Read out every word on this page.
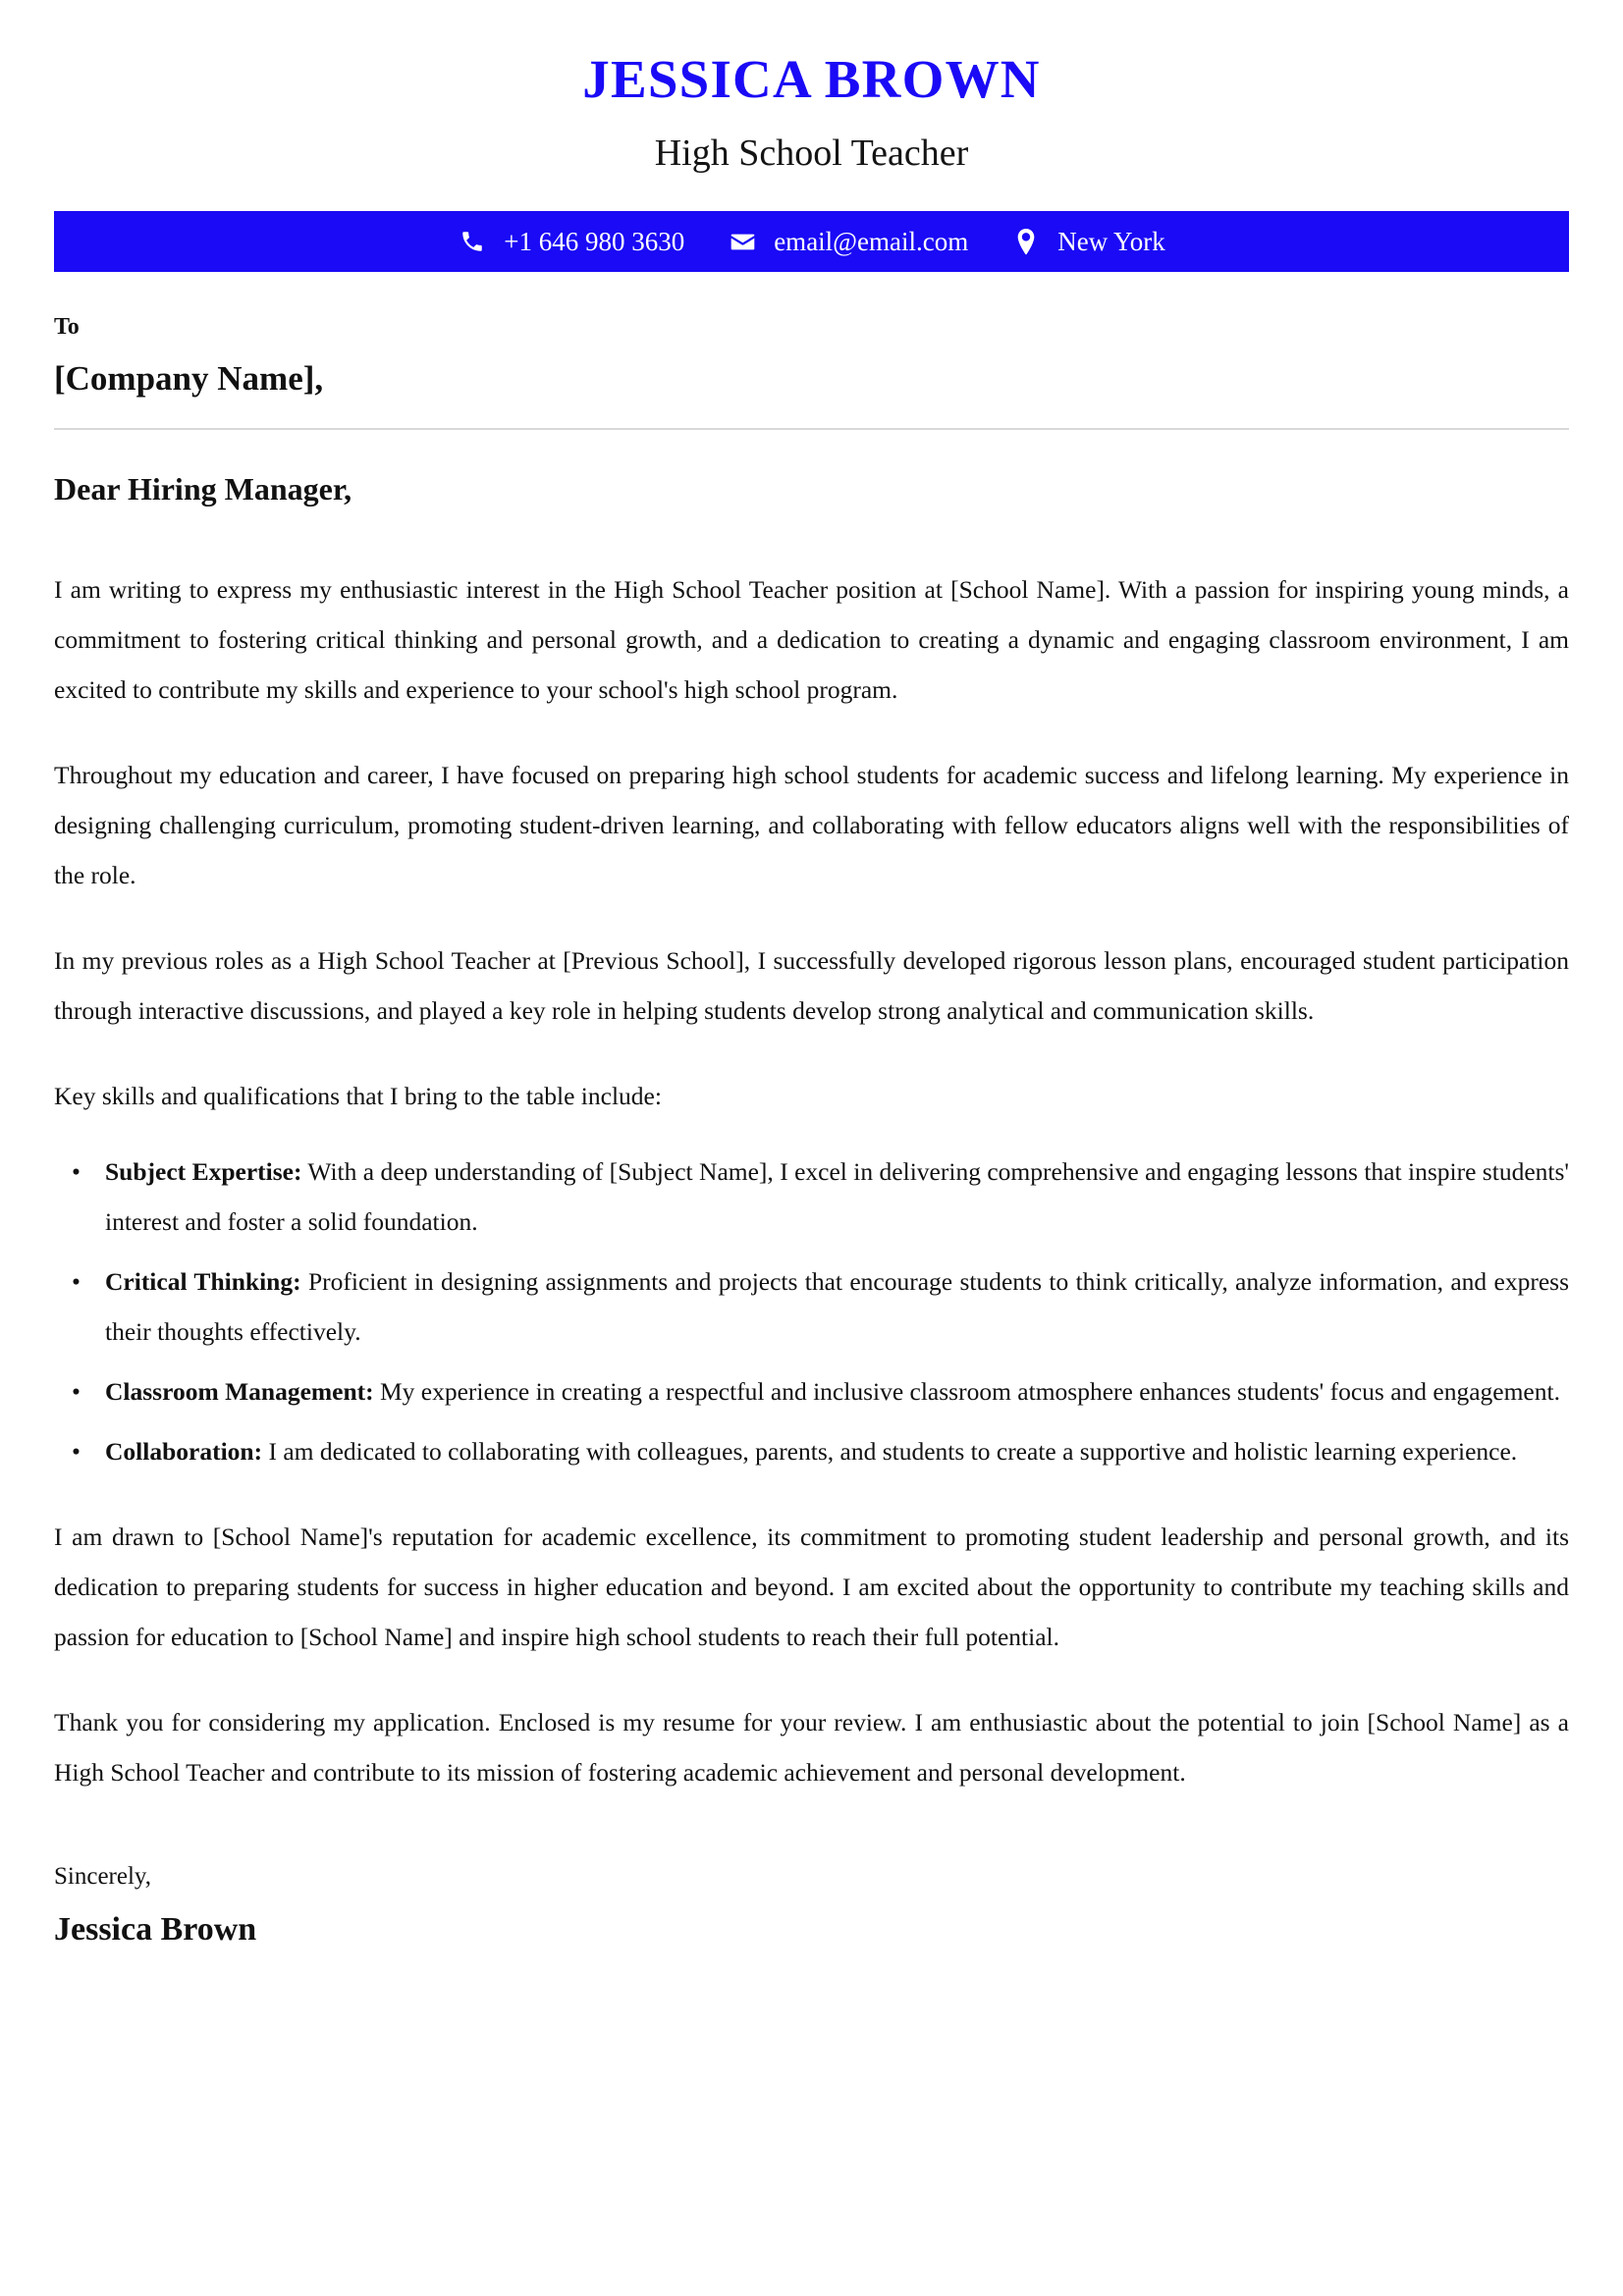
JESSICA BROWN
High School Teacher
+1 646 980 3630	email@email.com	New York

To

[Company Name],

Dear Hiring Manager,

I am writing to express my enthusiastic interest in the High School Teacher position at [School Name]. With a passion for inspiring young minds, a commitment to fostering critical thinking and personal growth, and a dedication to creating a dynamic and engaging classroom environment, I am excited to contribute my skills and experience to your school's high school program.

Throughout my education and career, I have focused on preparing high school students for academic success and lifelong learning. My experience in designing challenging curriculum, promoting student-driven learning, and collaborating with fellow educators aligns well with the responsibilities of the role.

In my previous roles as a High School Teacher at [Previous School], I successfully developed rigorous lesson plans, encouraged student participation through interactive discussions, and played a key role in helping students develop strong analytical and communication skills.

Key skills and qualifications that I bring to the table include:

• Subject Expertise: With a deep understanding of [Subject Name], I excel in delivering comprehensive and engaging lessons that inspire students' interest and foster a solid foundation.
• Critical Thinking: Proficient in designing assignments and projects that encourage students to think critically, analyze information, and express their thoughts effectively.
• Classroom Management: My experience in creating a respectful and inclusive classroom atmosphere enhances students' focus and engagement.
• Collaboration: I am dedicated to collaborating with colleagues, parents, and students to create a supportive and holistic learning experience.

I am drawn to [School Name]'s reputation for academic excellence, its commitment to promoting student leadership and personal growth, and its dedication to preparing students for success in higher education and beyond. I am excited about the opportunity to contribute my teaching skills and passion for education to [School Name] and inspire high school students to reach their full potential.

Thank you for considering my application. Enclosed is my resume for your review. I am enthusiastic about the potential to join [School Name] as a High School Teacher and contribute to its mission of fostering academic achievement and personal development.

Sincerely,

Jessica Brown
